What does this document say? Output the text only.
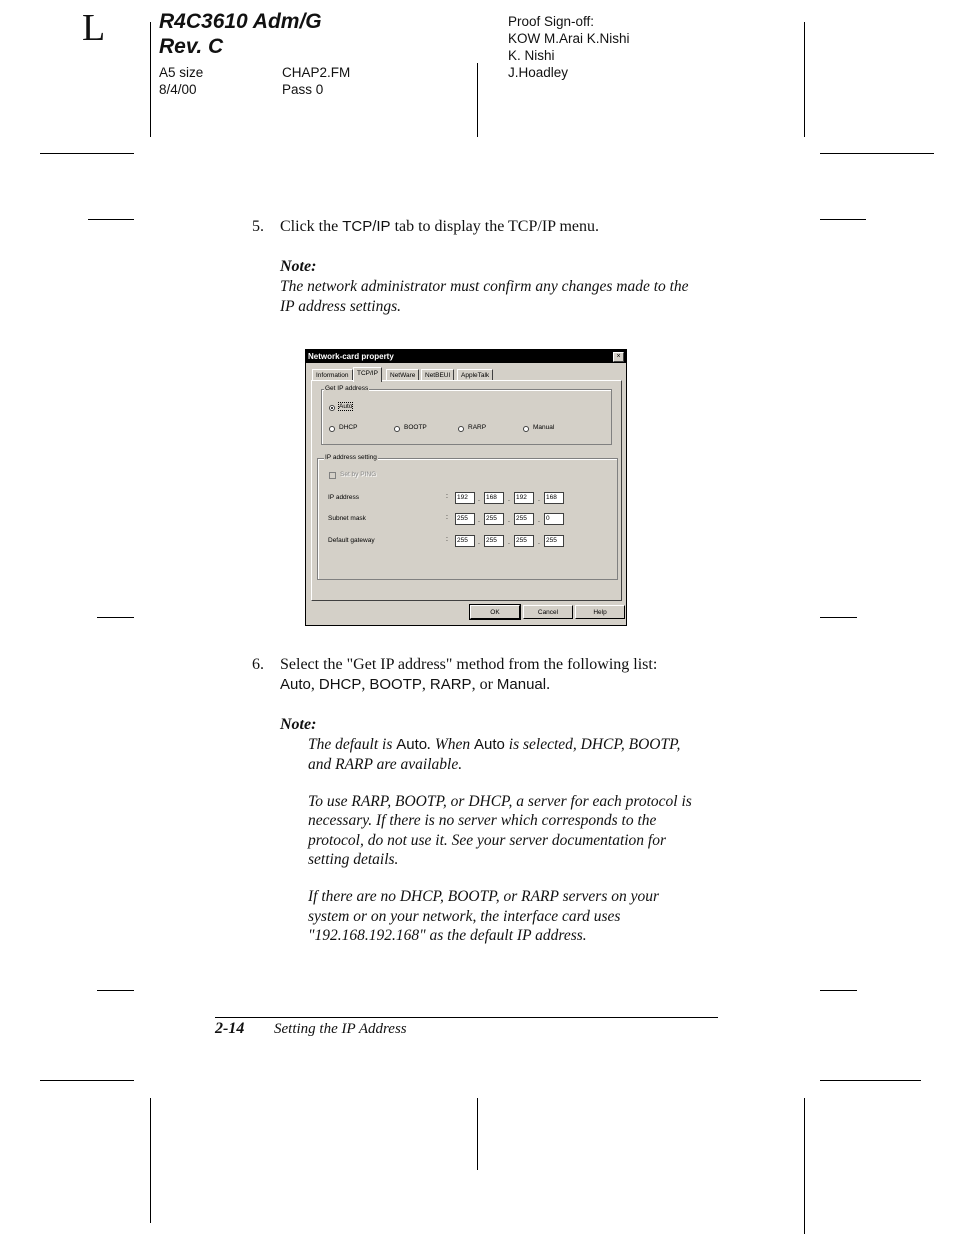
L	R4C3610 Adm/G
Rev. C
A5 size
8/4/00
CHAP2.FM
Pass 0
Proof Sign-off:
KOW M.Arai K.Nishi
K. Nishi
J.Hoadley
5. Click the TCP/IP tab to display the TCP/IP menu.
Note:
The network administrator must confirm any changes made to the
IP address settings.
Network-card property	×
Information	TCP/IP	NetWare	NetBEUI	AppleTalk
Get IP address
Auto
DHCP	BOOTP	RARP	Manual
IP address setting
Set by PING
IP address	:	192	. 168	. 192	. 168
Subnet mask	:	255	. 255	. 255	. 0
Default gateway	:	255	. 255	. 255	. 255
OK	Cancel	Help
6. Select the "Get IP address" method from the following list:
Auto, DHCP, BOOTP, RARP, or Manual.
Note:
The default is Auto. When Auto is selected, DHCP, BOOTP,
and RARP are available.
To use RARP, BOOTP, or DHCP, a server for each protocol is
necessary. If there is no server which corresponds to the
protocol, do not use it. See your server documentation for
setting details.
If there are no DHCP, BOOTP, or RARP servers on your
system or on your network, the interface card uses
"192.168.192.168" as the default IP address.
2-14 Setting the IP Address
